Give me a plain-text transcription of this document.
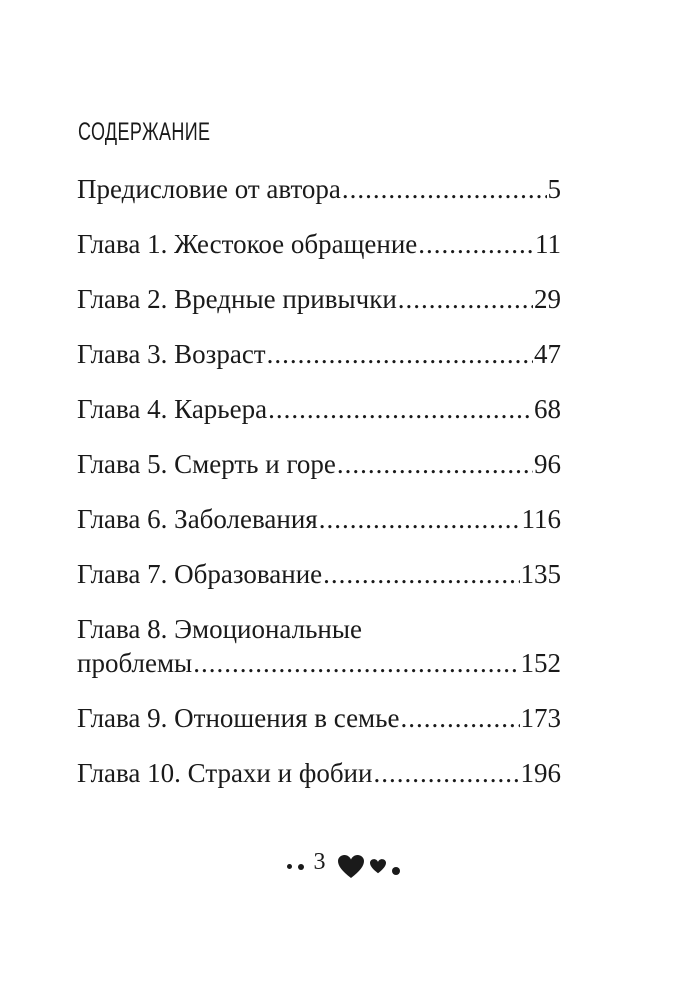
СОДЕРЖАНИЕ
Предисловие от автора .....	5
Глава 1. Жестокое обращение .....	11
Глава 2. Вредные привычки .....	29
Глава 3. Возраст .....	47
Глава 4. Карьера .....	68
Глава 5. Смерть и горе .....	96
Глава 6. Заболевания .....	116
Глава 7. Образование .....	135
Глава 8. Эмоциональные
проблемы .....	152
Глава 9. Отношения в семье .....	173
Глава 10. Страхи и фобии .....	196
3
